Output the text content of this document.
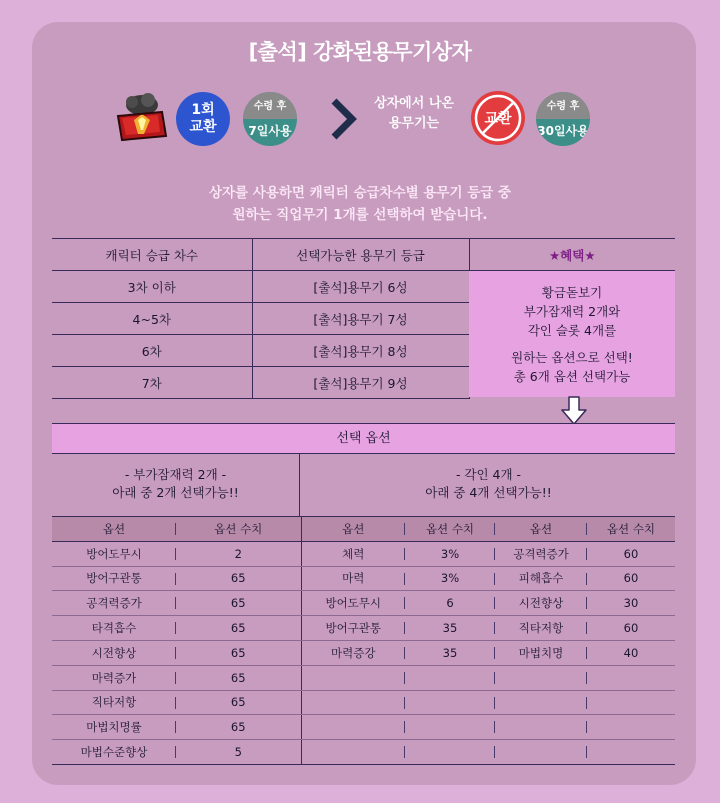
[출석] 강화된용무기상자
1회
교환
수령 후
7일사용
상자에서 나온
용무기는	교환
수령 후
30일사용
상자를 사용하면 캐릭터 승급차수별 용무기 등급 중
원하는 직업무기 1개를 선택하여 받습니다.
캐릭터 승급 차수	선택가능한 용무기 등급	★혜택★
3차 이하	[출석]용무기 6성	
4~5차	[출석]용무기 7성	
6차	[출석]용무기 8성	
7차	[출석]용무기 9성	
황금돋보기
부가잠재력 2개와
각인 슬롯 4개를
원하는 옵션으로 선택!
총 6개 옵션 선택가능
선택 옵션
- 부가잠재력 2개 -
아래 중 2개 선택가능!!
- 각인 4개 -
아래 중 4개 선택가능!!
옵션	옵션 수치	옵션	옵션 수치	옵션	옵션 수치
방어도무시	2	체력	3%	공격력증가	60
방어구관통	65	마력	3%	피해흡수	60
공격력증가	65	방어도무시	6	시전향상	30
타격흡수	65	방어구관통	35	직타저항	60
시전향상	65	마력증강	35	마법치명	40
마력증가	65				
직타저항	65				
마법치명률	65				
마법수준향상	5				
